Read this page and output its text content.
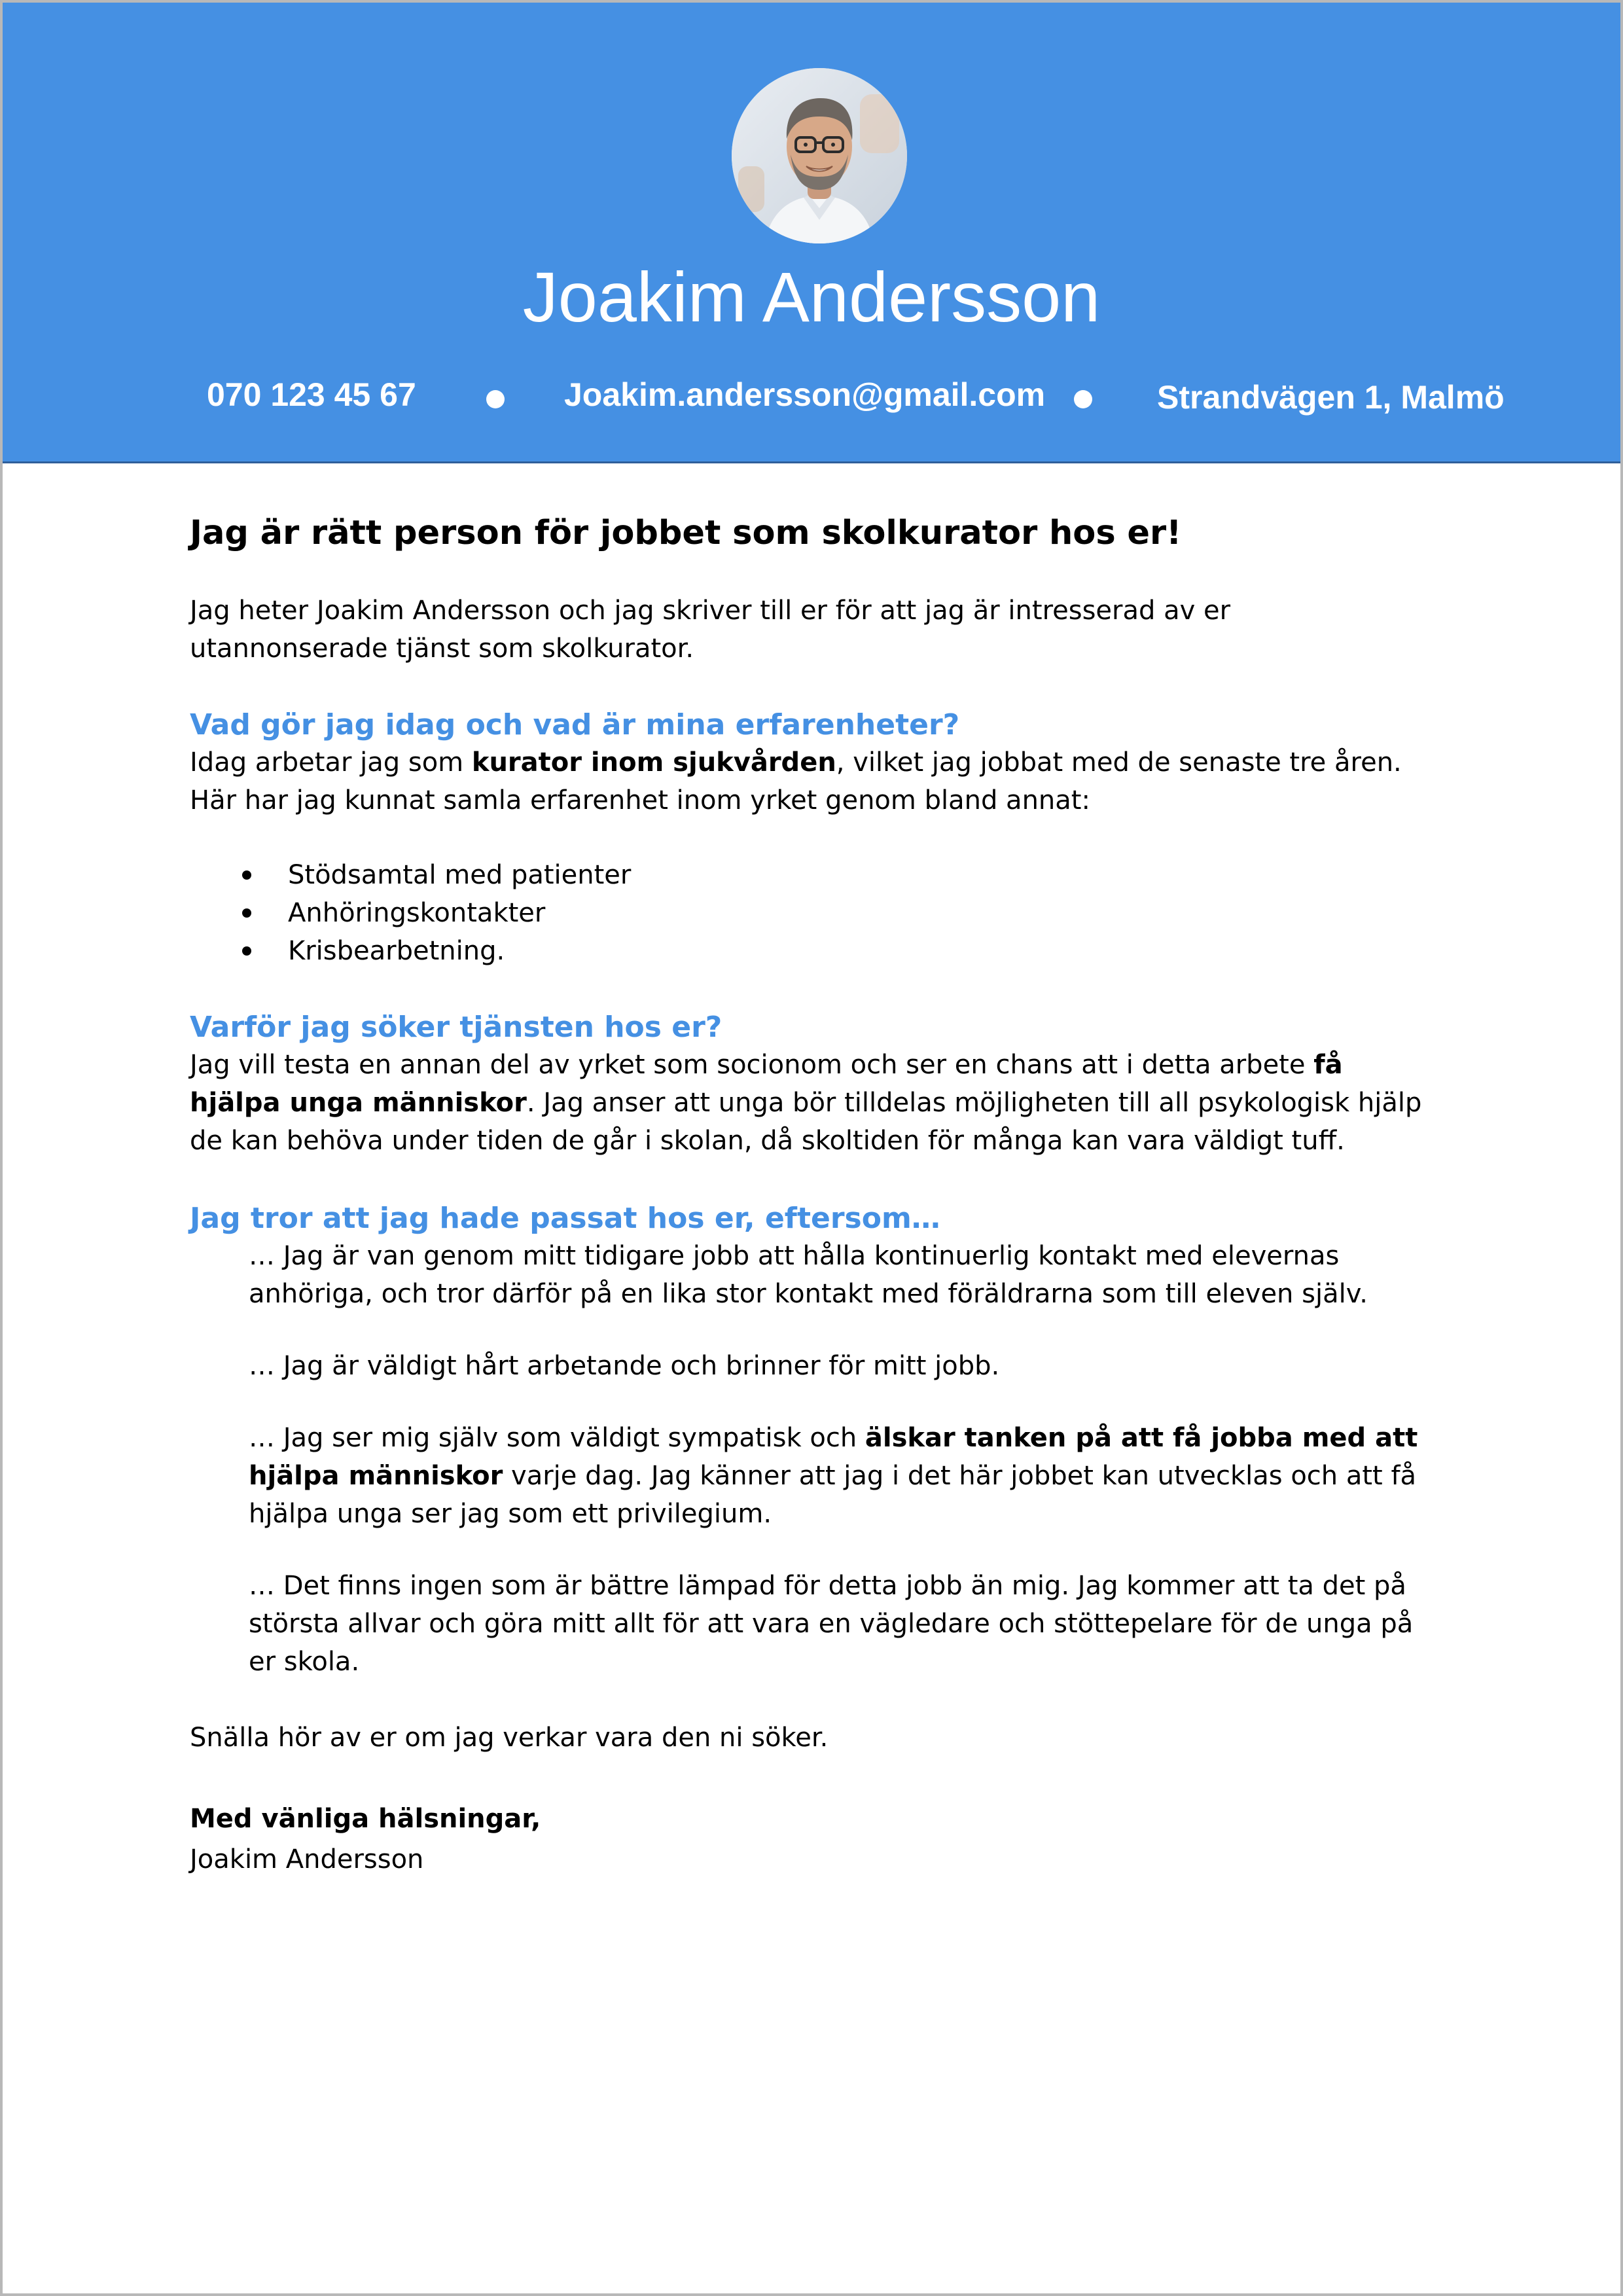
Joakim Andersson
070 123 45 67	Joakim.andersson@gmail.com	Strandvägen 1, Malmö
Jag är rätt person för jobbet som skolkurator hos er!

Jag heter Joakim Andersson och jag skriver till er för att jag är intresserad av er utannonserade tjänst som skolkurator.

Vad gör jag idag och vad är mina erfarenheter?

Idag arbetar jag som kurator inom sjukvården, vilket jag jobbat med de senaste tre åren. Här har jag kunnat samla erfarenhet inom yrket genom bland annat:

Stödsamtal med patienter
Anhöringskontakter
Krisbearbetning.
Varför jag söker tjänsten hos er?

Jag vill testa en annan del av yrket som socionom och ser en chans att i detta arbete få hjälpa unga människor. Jag anser att unga bör tilldelas möjligheten till all psykologisk hjälp de kan behöva under tiden de går i skolan, då skoltiden för många kan vara väldigt tuff.

Jag tror att jag hade passat hos er, eftersom…

… Jag är van genom mitt tidigare jobb att hålla kontinuerlig kontakt med elevernas anhöriga, och tror därför på en lika stor kontakt med föräldrarna som till eleven själv.

… Jag är väldigt hårt arbetande och brinner för mitt jobb.

… Jag ser mig själv som väldigt sympatisk och älskar tanken på att få jobba med att hjälpa människor varje dag. Jag känner att jag i det här jobbet kan utvecklas och att få hjälpa unga ser jag som ett privilegium.

… Det finns ingen som är bättre lämpad för detta jobb än mig. Jag kommer att ta det på största allvar och göra mitt allt för att vara en vägledare och stöttepelare för de unga på er skola.

Snälla hör av er om jag verkar vara den ni söker.

Med vänliga hälsningar,

Joakim Andersson
